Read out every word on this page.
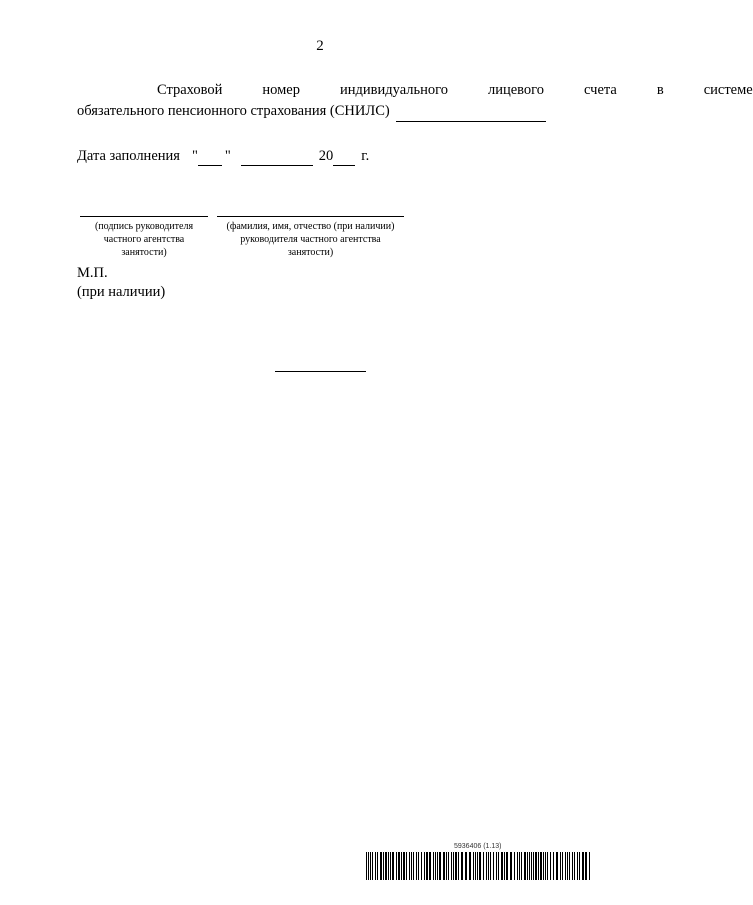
2
Страховой	номер	индивидуального	лицевого	счета	в	системе
обязательного пенсионного страхования (СНИЛС)
Дата заполнения " "	20 г.
(подпись руководителя частного агентства занятости)
(фамилия, имя, отчество (при наличии) руководителя частного агентства занятости)
М.П.
(при наличии)
5936406 (1.13)
